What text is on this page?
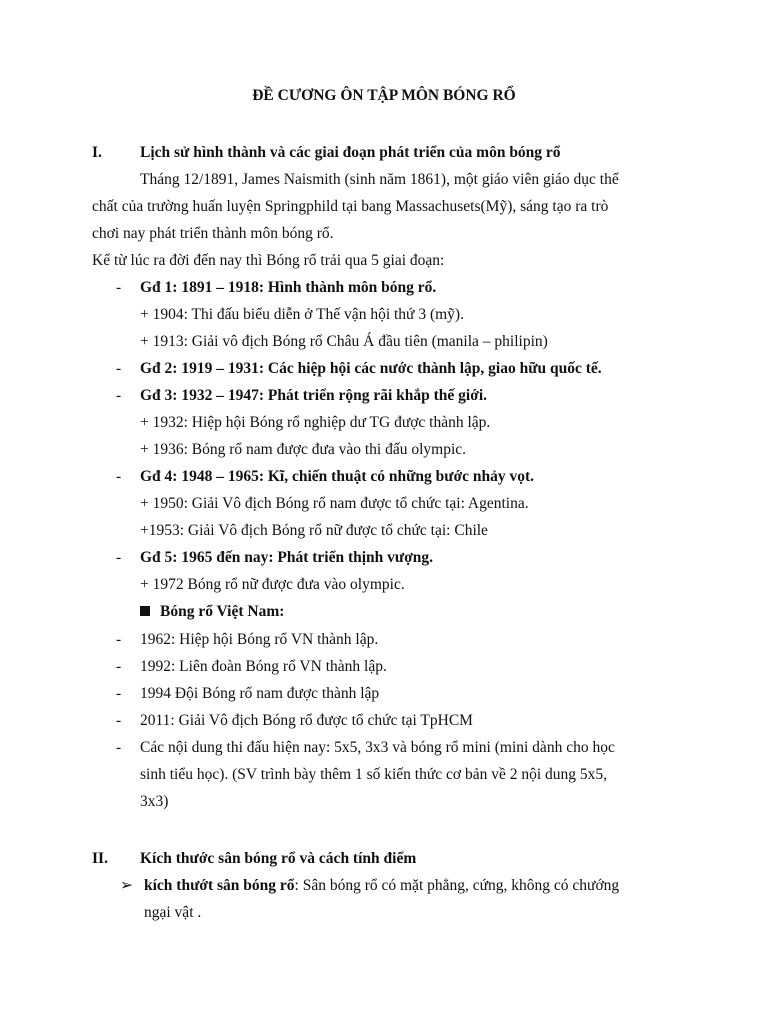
ĐỀ CƯƠNG ÔN TẬP MÔN BÓNG RỔ
I. Lịch sử hình thành và các giai đoạn phát triển của môn bóng rổ
Tháng 12/1891, James Naismith (sinh năm 1861), một giáo viên giáo dục thể
chất của trường huấn luyện Springphild tại bang Massachusets(Mỹ), sáng tạo ra trò
chơi nay phát triển thành môn bóng rổ.
Kể từ lúc ra đời đến nay thì Bóng rổ trải qua 5 giai đoạn:
- Gđ 1: 1891 – 1918: Hình thành môn bóng rổ.
+ 1904: Thi đấu biểu diễn ở Thế vận hội thứ 3 (mỹ).
+ 1913: Giải vô địch Bóng rổ Châu Á đầu tiên (manila – philipin)
- Gđ 2: 1919 – 1931: Các hiệp hội các nước thành lập, giao hữu quốc tế.
- Gđ 3: 1932 – 1947: Phát triển rộng rãi khắp thế giới.
+ 1932: Hiệp hội Bóng rổ nghiệp dư TG được thành lập.
+ 1936: Bóng rổ nam được đưa vào thi đấu olympic.
- Gđ 4: 1948 – 1965: Kĩ, chiến thuật có những bước nhảy vọt.
+ 1950: Giải Vô địch Bóng rổ nam được tổ chức tại: Agentina.
+1953: Giải Vô địch Bóng rổ nữ được tổ chức tại: Chile
- Gđ 5: 1965 đến nay: Phát triển thịnh vượng.
+ 1972 Bóng rổ nữ được đưa vào olympic.
Bóng rổ Việt Nam:
- 1962: Hiệp hội Bóng rổ VN thành lập.
- 1992: Liên đoàn Bóng rổ VN thành lập.
- 1994 Đội Bóng rổ nam được thành lập
- 2011: Giải Vô địch Bóng rổ được tổ chức tại TpHCM
- Các nội dung thi đấu hiện nay: 5x5, 3x3 và bóng rổ mini (mini dành cho học
sinh tiểu học). (SV trình bày thêm 1 số kiến thức cơ bản về 2 nội dung 5x5,
3x3)
II. Kích thước sân bóng rổ và cách tính điểm
➢ kích thướt sân bóng rổ: Sân bóng rổ có mặt phẳng, cứng, không có chướng
ngại vật .
